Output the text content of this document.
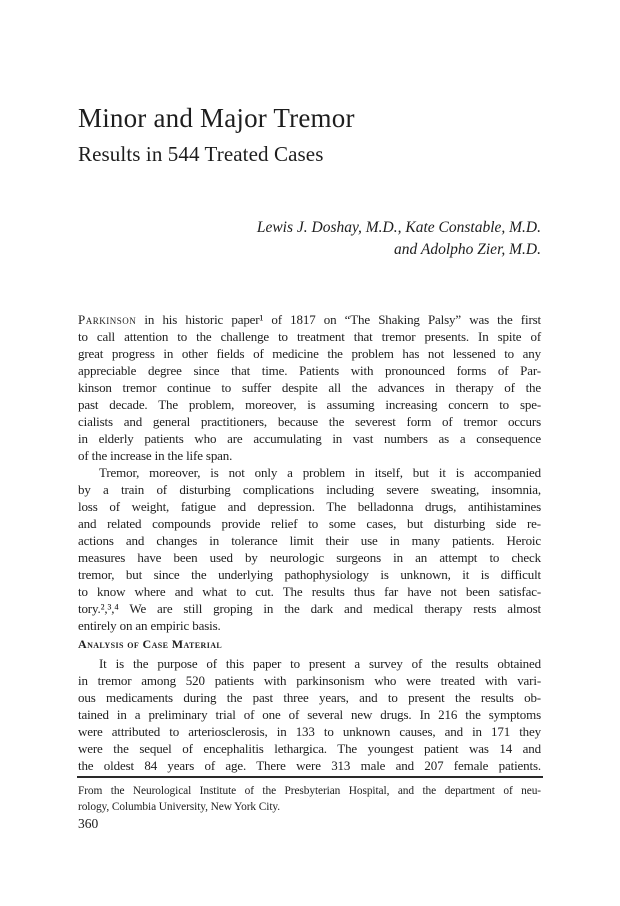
Minor and Major Tremor
Results in 544 Treated Cases
Lewis J. Doshay, M.D., Kate Constable, M.D.
and Adolpho Zier, M.D.
Parkinson in his historic paper¹ of 1817 on “The Shaking Palsy” was the first
to call attention to the challenge to treatment that tremor presents. In spite of
great progress in other fields of medicine the problem has not lessened to any
appreciable degree since that time. Patients with pronounced forms of Par-
kinson tremor continue to suffer despite all the advances in therapy of the
past decade. The problem, moreover, is assuming increasing concern to spe-
cialists and general practitioners, because the severest form of tremor occurs
in elderly patients who are accumulating in vast numbers as a consequence
of the increase in the life span.
Tremor, moreover, is not only a problem in itself, but it is accompanied
by a train of disturbing complications including severe sweating, insomnia,
loss of weight, fatigue and depression. The belladonna drugs, antihistamines
and related compounds provide relief to some cases, but disturbing side re-
actions and changes in tolerance limit their use in many patients. Heroic
measures have been used by neurologic surgeons in an attempt to check
tremor, but since the underlying pathophysiology is unknown, it is difficult
to know where and what to cut. The results thus far have not been satisfac-
tory.²,³,⁴ We are still groping in the dark and medical therapy rests almost
entirely on an empiric basis.
Analysis of Case Material
It is the purpose of this paper to present a survey of the results obtained
in tremor among 520 patients with parkinsonism who were treated with vari-
ous medicaments during the past three years, and to present the results ob-
tained in a preliminary trial of one of several new drugs. In 216 the symptoms
were attributed to arteriosclerosis, in 133 to unknown causes, and in 171 they
were the sequel of encephalitis lethargica. The youngest patient was 14 and
the oldest 84 years of age. There were 313 male and 207 female patients.
From the Neurological Institute of the Presbyterian Hospital, and the department of neu-
rology, Columbia University, New York City.
360
